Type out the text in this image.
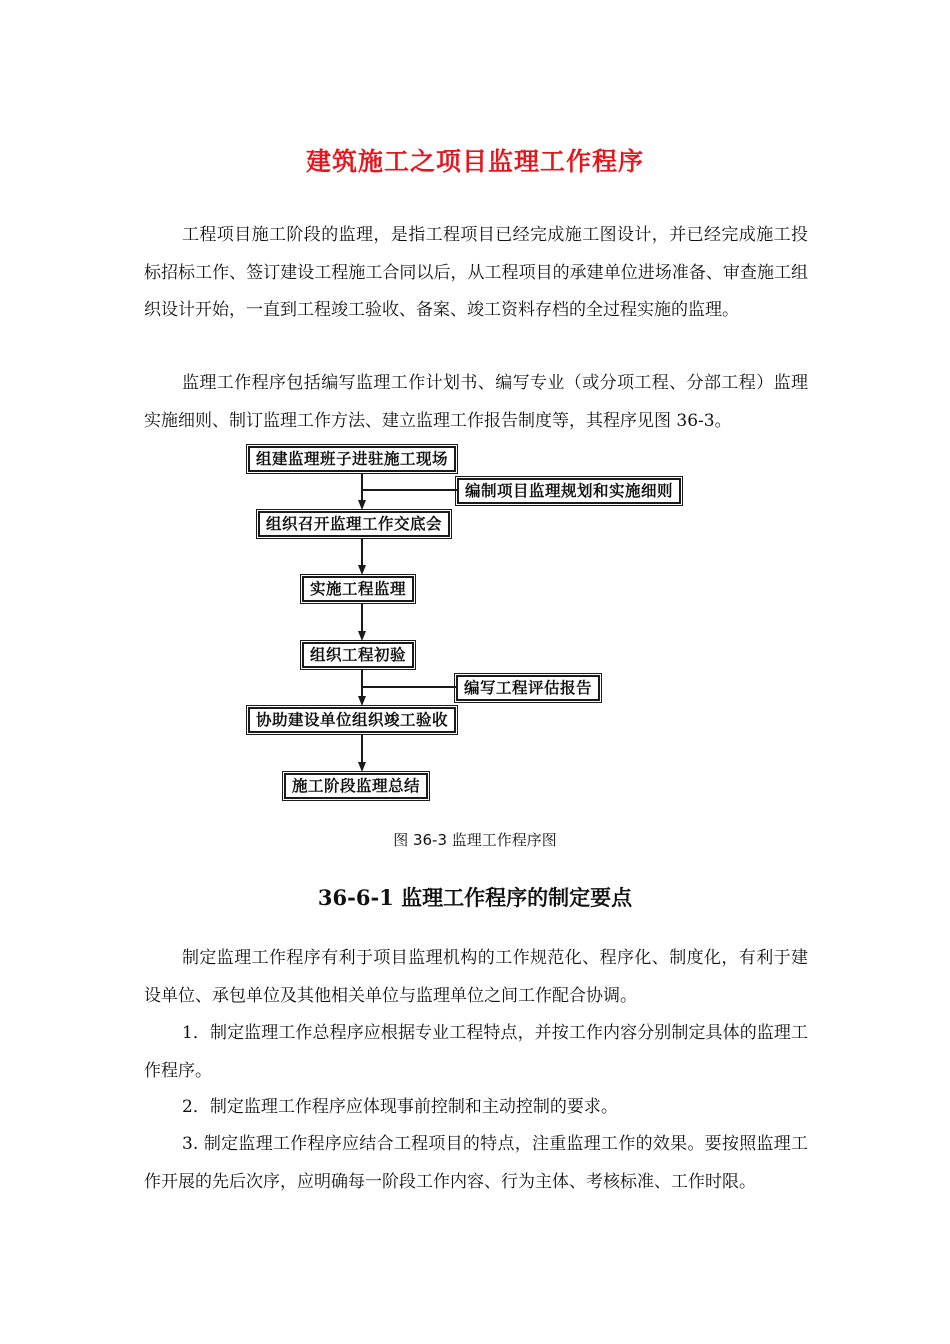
建筑施工之项目监理工作程序

工程项目施工阶段的监理，是指工程项目已经完成施工图设计，并已经完成施工投标招标工作、签订建设工程施工合同以后，从工程项目的承建单位进场准备、审查施工组织设计开始，一直到工程竣工验收、备案、竣工资料存档的全过程实施的监理。

监理工作程序包括编写监理工作计划书、编写专业（或分项工程、分部工程）监理实施细则、制订监理工作方法、建立监理工作报告制度等，其程序见图 36-3。

组建监理班子进驻施工现场
组织召开监理工作交底会
实施工程监理
组织工程初验
协助建设单位组织竣工验收
施工阶段监理总结
编制项目监理规划和实施细则
编写工程评估报告

图 36-3 监理工作程序图

36-6-1 监理工作程序的制定要点

制定监理工作程序有利于项目监理机构的工作规范化、程序化、制度化，有利于建设单位、承包单位及其他相关单位与监理单位之间工作配合协调。

1．制定监理工作总程序应根据专业工程特点，并按工作内容分别制定具体的监理工作程序。

2．制定监理工作程序应体现事前控制和主动控制的要求。

3. 制定监理工作程序应结合工程项目的特点，注重监理工作的效果。要按照监理工作开展的先后次序，应明确每一阶段工作内容、行为主体、考核标准、工作时限。
